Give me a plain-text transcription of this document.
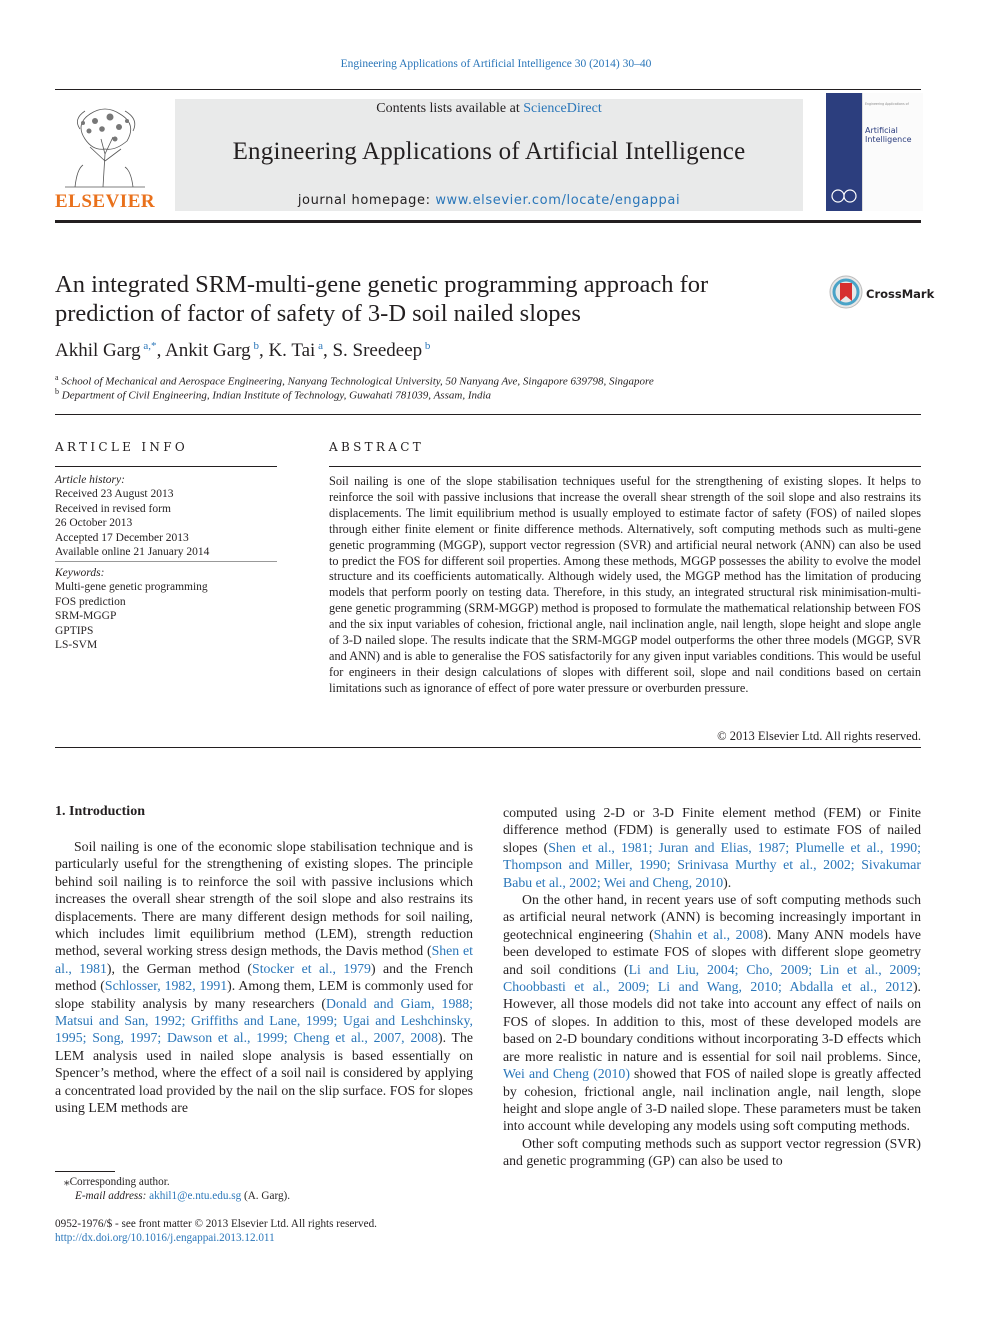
Engineering Applications of Artificial Intelligence 30 (2014) 30–40
ELSEVIER
Contents lists available at ScienceDirect
Engineering Applications of Artificial Intelligence
journal homepage: www.elsevier.com/locate/engappai
Engineering Applications of
Artificial Intelligence
An integrated SRM-multi-gene genetic programming approach for prediction of factor of safety of 3-D soil nailed slopes
CrossMark
Akhil Garg $^{a,*}$, Ankit Garg $^b$, K. Tai $^a$, S. Sreedeep $^b$
$^a$ School of Mechanical and Aerospace Engineering, Nanyang Technological University, 50 Nanyang Ave, Singapore 639798, Singapore
$^b$ Department of Civil Engineering, Indian Institute of Technology, Guwahati 781039, Assam, India
ARTICLE INFO
Article history:
Received 23 August 2013
Received in revised form
26 October 2013
Accepted 17 December 2013
Available online 21 January 2014
Keywords:
Multi-gene genetic programming
FOS prediction
SRM-MGGP
GPTIPS
LS-SVM
ABSTRACT
Soil nailing is one of the slope stabilisation techniques useful for the strengthening of existing slopes. It helps to reinforce the soil with passive inclusions that increase the overall shear strength of the soil slope and also restrains its displacements. The limit equilibrium method is usually employed to estimate factor of safety (FOS) of nailed slopes through either finite element or finite difference methods. Alternatively, soft computing methods such as multi-gene genetic programming (MGGP), support vector regression (SVR) and artificial neural network (ANN) can also be used to predict the FOS for different soil properties. Among these methods, MGGP possesses the ability to evolve the model structure and its coefficients automatically. Although widely used, the MGGP method has the limitation of producing models that perform poorly on testing data. Therefore, in this study, an integrated structural risk minimisation-multi-gene genetic programming (SRM-MGGP) method is proposed to formulate the mathematical relationship between FOS and the six input variables of cohesion, frictional angle, nail inclination angle, nail length, slope height and slope angle of 3-D nailed slope. The results indicate that the SRM-MGGP model outperforms the other three models (MGGP, SVR and ANN) and is able to generalise the FOS satisfactorily for any given input variables conditions. This would be useful for engineers in their design calculations of slopes with different soil, slope and nail conditions based on certain limitations such as ignorance of effect of pore water pressure or overburden pressure.
© 2013 Elsevier Ltd. All rights reserved.
1. Introduction

Soil nailing is one of the economic slope stabilisation technique and is particularly useful for the strengthening of existing slopes. The principle behind soil nailing is to reinforce the soil with passive inclusions which increases the overall shear strength of the soil slope and also restrains its displacements. There are many different design methods for soil nailing, which includes limit equilibrium method (LEM), strength reduction method, several working stress design methods, the Davis method (Shen et al., 1981), the German method (Stocker et al., 1979) and the French method (Schlosser, 1982, 1991). Among them, LEM is commonly used for slope stability analysis by many researchers (Donald and Giam, 1988; Matsui and San, 1992; Griffiths and Lane, 1999; Ugai and Leshchinsky, 1995; Song, 1997; Dawson et al., 1999; Cheng et al., 2007, 2008). The LEM analysis used in nailed slope analysis is based essentially on Spencer’s method, where the effect of a soil nail is considered by applying a concentrated load provided by the nail on the slip surface. FOS for slopes using LEM methods are

computed using 2-D or 3-D Finite element method (FEM) or Finite difference method (FDM) is generally used to estimate FOS of nailed slopes (Shen et al., 1981; Juran and Elias, 1987; Plumelle et al., 1990; Thompson and Miller, 1990; Srinivasa Murthy et al., 2002; Sivakumar Babu et al., 2002; Wei and Cheng, 2010).

On the other hand, in recent years use of soft computing methods such as artificial neural network (ANN) is becoming increasingly important in geotechnical engineering (Shahin et al., 2008). Many ANN models have been developed to estimate FOS of slopes with different slope geometry and soil conditions (Li and Liu, 2004; Cho, 2009; Lin et al., 2009; Choobbasti et al., 2009; Li and Wang, 2010; Abdalla et al., 2012). However, all those models did not take into account any effect of nails on FOS of slopes. In addition to this, most of these developed models are based on 2-D boundary conditions without incorporating 3-D effects which are more realistic in nature and is essential for soil nail problems. Since, Wei and Cheng (2010) showed that FOS of nailed slope is greatly affected by cohesion, frictional angle, nail inclination angle, nail length, slope height and slope angle of 3-D nailed slope. These parameters must be taken into account while developing any models using soft computing methods.

Other soft computing methods such as support vector regression (SVR) and genetic programming (GP) can also be used to

⁎Corresponding author.
E-mail address: akhil1@e.ntu.edu.sg (A. Garg).
0952-1976/$ - see front matter © 2013 Elsevier Ltd. All rights reserved.
http://dx.doi.org/10.1016/j.engappai.2013.12.011
